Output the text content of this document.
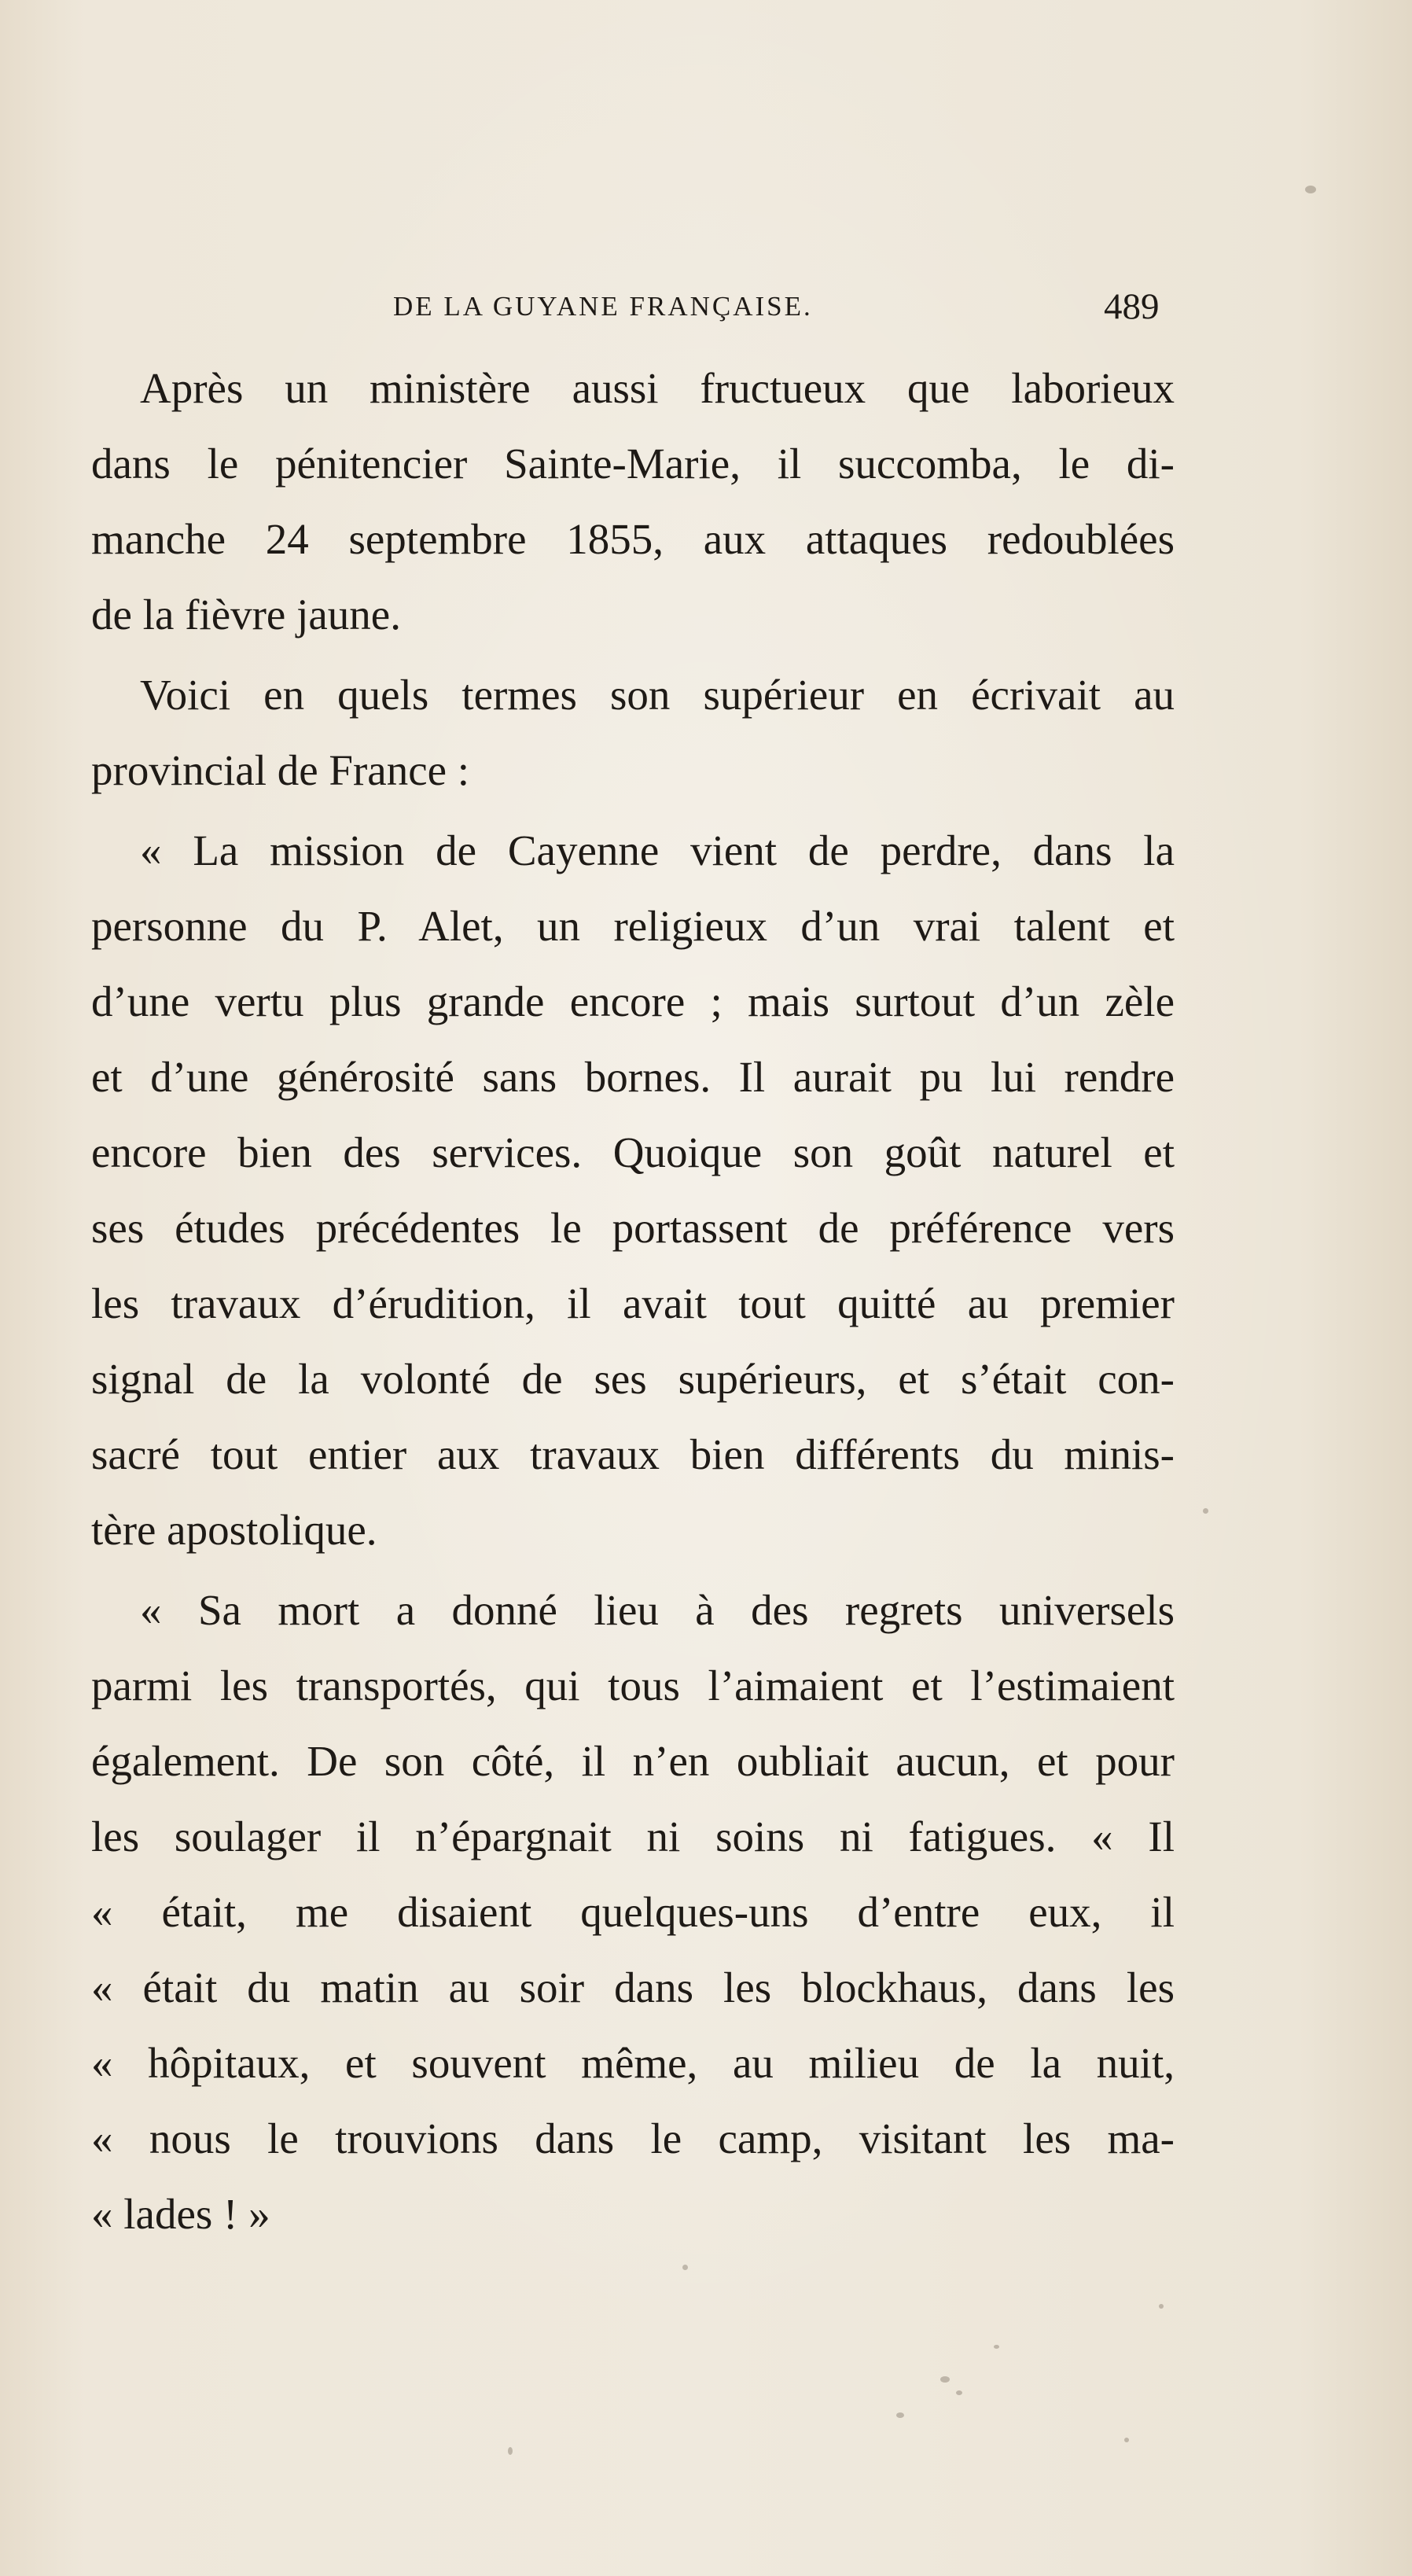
DE LA GUYANE FRANÇAISE.	489

Après un ministère aussi fructueux que laborieux

dans le pénitencier Sainte-Marie, il succomba, le di-

manche 24 septembre 1855, aux attaques redoublées

de la fièvre jaune.

Voici en quels termes son supérieur en écrivait au

provincial de France :

« La mission de Cayenne vient de perdre, dans la

personne du P. Alet, un religieux d’un vrai talent et

d’une vertu plus grande encore ; mais surtout d’un zèle

et d’une générosité sans bornes. Il aurait pu lui rendre

encore bien des services. Quoique son goût naturel et

ses études précédentes le portassent de préférence vers

les travaux d’érudition, il avait tout quitté au premier

signal de la volonté de ses supérieurs, et s’était con-

sacré tout entier aux travaux bien différents du minis-

tère apostolique.

« Sa mort a donné lieu à des regrets universels

parmi les transportés, qui tous l’aimaient et l’estimaient

également. De son côté, il n’en oubliait aucun, et pour

les soulager il n’épargnait ni soins ni fatigues. « Il

« était, me disaient quelques-uns d’entre eux, il

« était du matin au soir dans les blockhaus, dans les

« hôpitaux, et souvent même, au milieu de la nuit,

« nous le trouvions dans le camp, visitant les ma-

« lades ! »
